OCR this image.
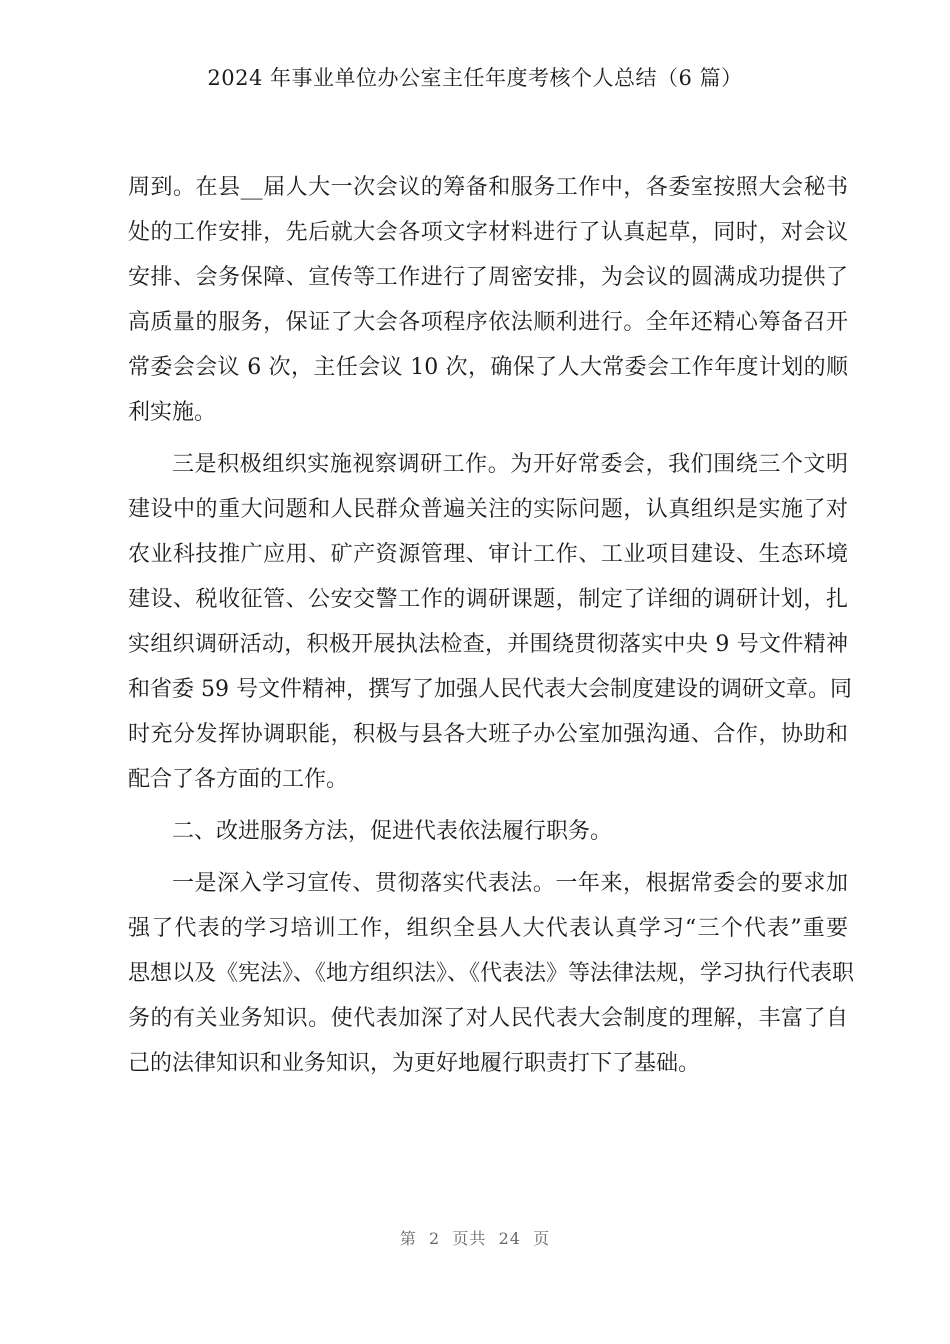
2024 年事业单位办公室主任年度考核个人总结（6 篇）
周到。在县__届人大一次会议的筹备和服务工作中，各委室按照大会秘书
处的工作安排，先后就大会各项文字材料进行了认真起草，同时，对会议
安排、会务保障、宣传等工作进行了周密安排，为会议的圆满成功提供了
高质量的服务，保证了大会各项程序依法顺利进行。全年还精心筹备召开
常委会会议 6 次，主任会议 10 次，确保了人大常委会工作年度计划的顺
利实施。
三是积极组织实施视察调研工作。为开好常委会，我们围绕三个文明
建设中的重大问题和人民群众普遍关注的实际问题，认真组织是实施了对
农业科技推广应用、矿产资源管理、审计工作、工业项目建设、生态环境
建设、税收征管、公安交警工作的调研课题，制定了详细的调研计划，扎
实组织调研活动，积极开展执法检查，并围绕贯彻落实中央 9 号文件精神
和省委 59 号文件精神，撰写了加强人民代表大会制度建设的调研文章。同
时充分发挥协调职能，积极与县各大班子办公室加强沟通、合作，协助和
配合了各方面的工作。
二、改进服务方法，促进代表依法履行职务。
一是深入学习宣传、贯彻落实代表法。一年来，根据常委会的要求加
强了代表的学习培训工作，组织全县人大代表认真学习“三个代表”重要
思想以及《宪法》、《地方组织法》、《代表法》等法律法规，学习执行代表职
务的有关业务知识。使代表加深了对人民代表大会制度的理解，丰富了自
己的法律知识和业务知识，为更好地履行职责打下了基础。
第  2  页共  24  页
